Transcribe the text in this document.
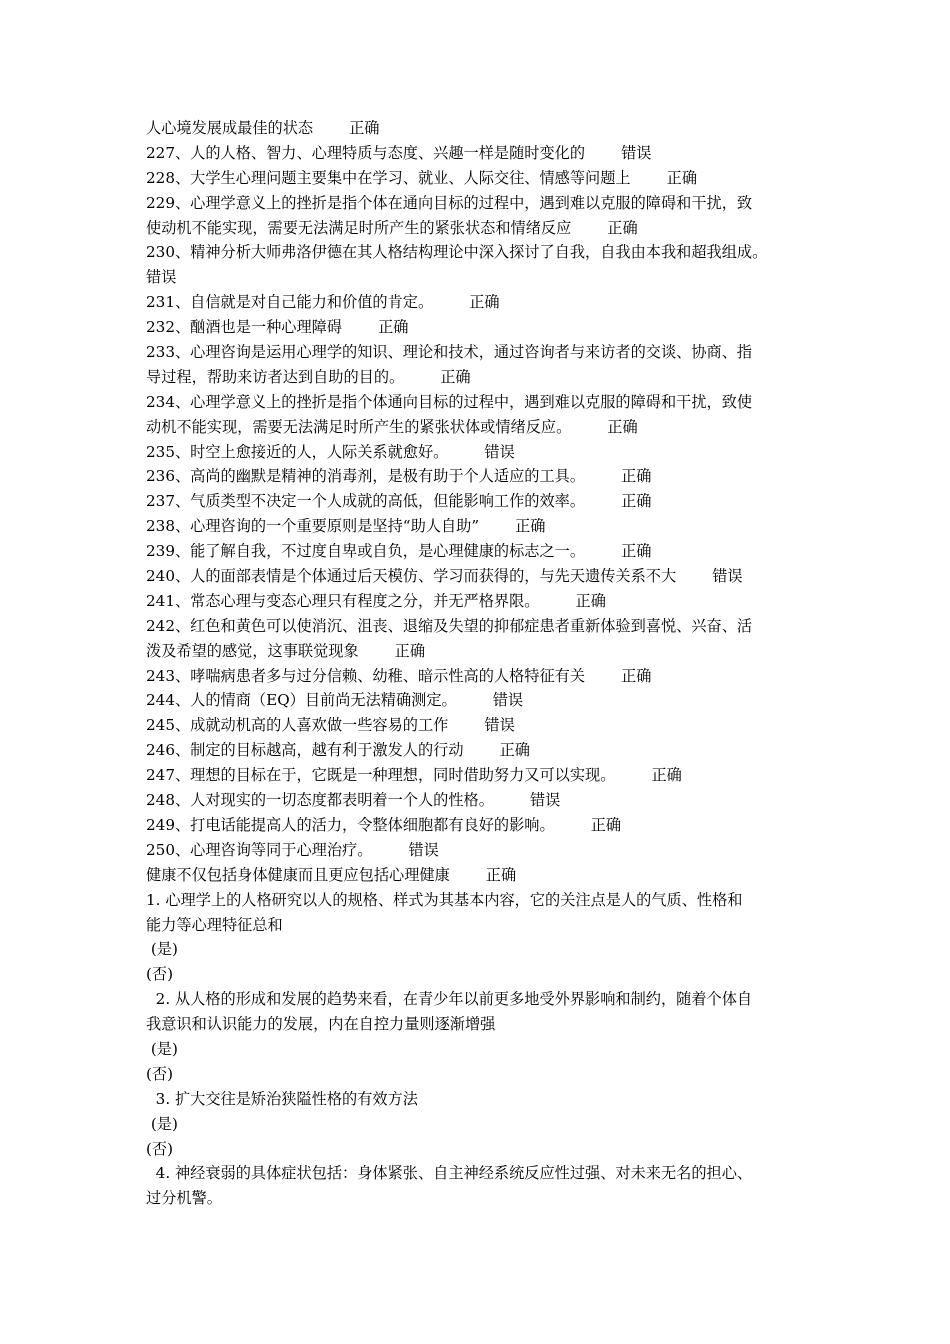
人心境发展成最佳的状态 正确
227、人的人格、智力、心理特质与态度、兴趣一样是随时变化的 错误
228、大学生心理问题主要集中在学习、就业、人际交往、情感等问题上 正确
229、心理学意义上的挫折是指个体在通向目标的过程中，遇到难以克服的障碍和干扰，致
使动机不能实现，需要无法满足时所产生的紧张状态和情绪反应 正确
230、精神分析大师弗洛伊德在其人格结构理论中深入探讨了自我，自我由本我和超我组成。
错误
231、自信就是对自己能力和价值的肯定。 正确
232、酗酒也是一种心理障碍 正确
233、心理咨询是运用心理学的知识、理论和技术，通过咨询者与来访者的交谈、协商、指
导过程，帮助来访者达到自助的目的。 正确
234、心理学意义上的挫折是指个体通向目标的过程中，遇到难以克服的障碍和干扰，致使
动机不能实现，需要无法满足时所产生的紧张状体或情绪反应。 正确
235、时空上愈接近的人，人际关系就愈好。 错误
236、高尚的幽默是精神的消毒剂，是极有助于个人适应的工具。 正确
237、气质类型不决定一个人成就的高低，但能影响工作的效率。 正确
238、心理咨询的一个重要原则是坚持“助人自助” 正确
239、能了解自我，不过度自卑或自负，是心理健康的标志之一。 正确
240、人的面部表情是个体通过后天模仿、学习而获得的，与先天遗传关系不大 错误
241、常态心理与变态心理只有程度之分，并无严格界限。 正确
242、红色和黄色可以使消沉、沮丧、退缩及失望的抑郁症患者重新体验到喜悦、兴奋、活
泼及希望的感觉，这事联觉现象 正确
243、哮喘病患者多与过分信赖、幼稚、暗示性高的人格特征有关 正确
244、人的情商（EQ）目前尚无法精确测定。 错误
245、成就动机高的人喜欢做一些容易的工作 错误
246、制定的目标越高，越有利于激发人的行动 正确
247、理想的目标在于，它既是一种理想，同时借助努力又可以实现。 正确
248、人对现实的一切态度都表明着一个人的性格。 错误
249、打电话能提高人的活力，令整体细胞都有良好的影响。 正确
250、心理咨询等同于心理治疗。 错误
健康不仅包括身体健康而且更应包括心理健康 正确
1. 心理学上的人格研究以人的规格、样式为其基本内容，它的关注点是人的气质、性格和
能力等心理特征总和
(是)
(否)
2. 从人格的形成和发展的趋势来看，在青少年以前更多地受外界影响和制约，随着个体自
我意识和认识能力的发展，内在自控力量则逐渐增强
(是)
(否)
3. 扩大交往是矫治狭隘性格的有效方法
(是)
(否)
4. 神经衰弱的具体症状包括：身体紧张、自主神经系统反应性过强、对未来无名的担心、
过分机警。
